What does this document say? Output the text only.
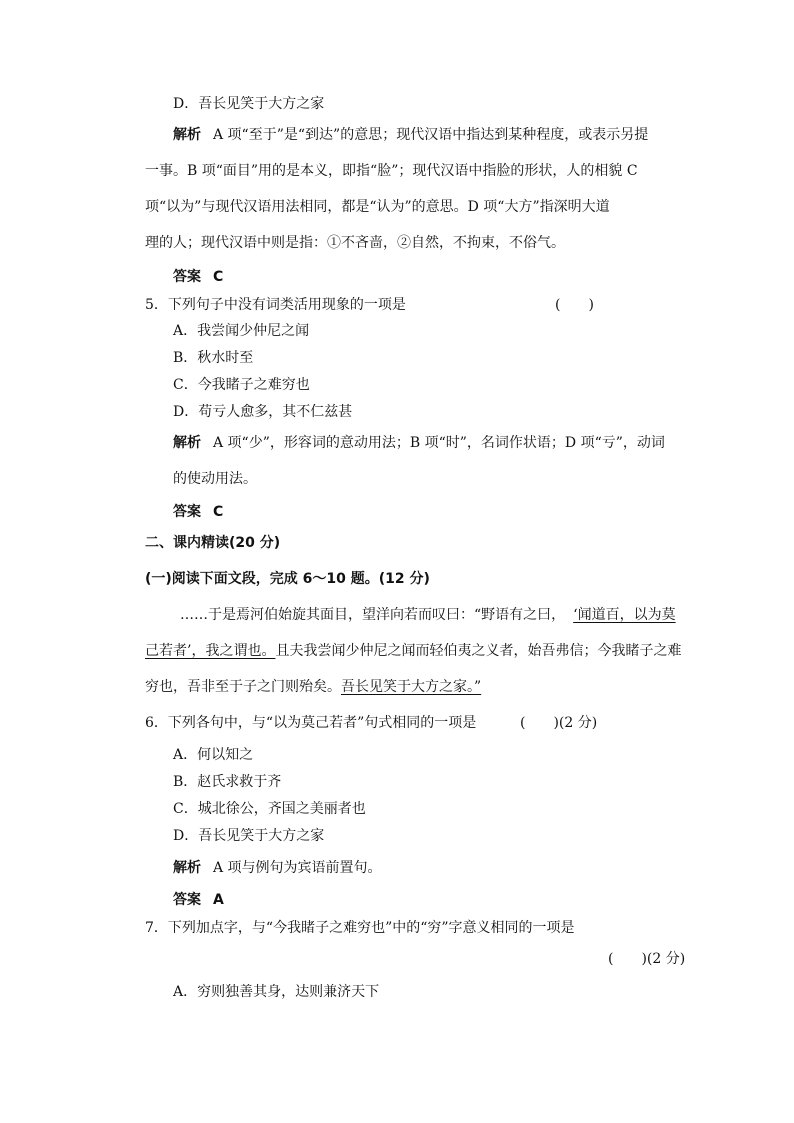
D．吾长见笑于大方之家
解析 A 项“至于”是“到达”的意思；现代汉语中指达到某种程度，或表示另提
一事。B 项“面目”用的是本义，即指“脸”；现代汉语中指脸的形状，人的相貌 C
项“以为”与现代汉语用法相同，都是“认为”的意思。D 项“大方”指深明大道
理的人；现代汉语中则是指：①不吝啬，②自然，不拘束，不俗气。
答案 C
5．下列句子中没有词类活用现象的一项是	(　　)
A．我尝闻少仲尼之闻
B．秋水时至
C．今我睹子之难穷也
D．苟亏人愈多，其不仁兹甚
解析 A 项“少”，形容词的意动用法；B 项“时”，名词作状语；D 项“亏”，动词
的使动用法。
答案 C
二、课内精读(20 分)
(一)阅读下面文段，完成 6～10 题。(12 分)
……于是焉河伯始旋其面目，望洋向若而叹曰：“野语有之曰， ‘闻道百，以为莫
己若者’，我之谓也。且夫我尝闻少仲尼之闻而轻伯夷之义者，始吾弗信；今我睹子之难
穷也，吾非至于子之门则殆矣。吾长见笑于大方之家。”
6．下列各句中，与“以为莫己若者”句式相同的一项是	(　　)(2 分)
A．何以知之
B．赵氏求救于齐
C．城北徐公，齐国之美丽者也
D．吾长见笑于大方之家
解析 A 项与例句为宾语前置句。
答案 A
7．下列加点字，与“今我睹子之难穷也”中的“穷”字意义相同的一项是
(　　)(2 分)
A．穷则独善其身，达则兼济天下
